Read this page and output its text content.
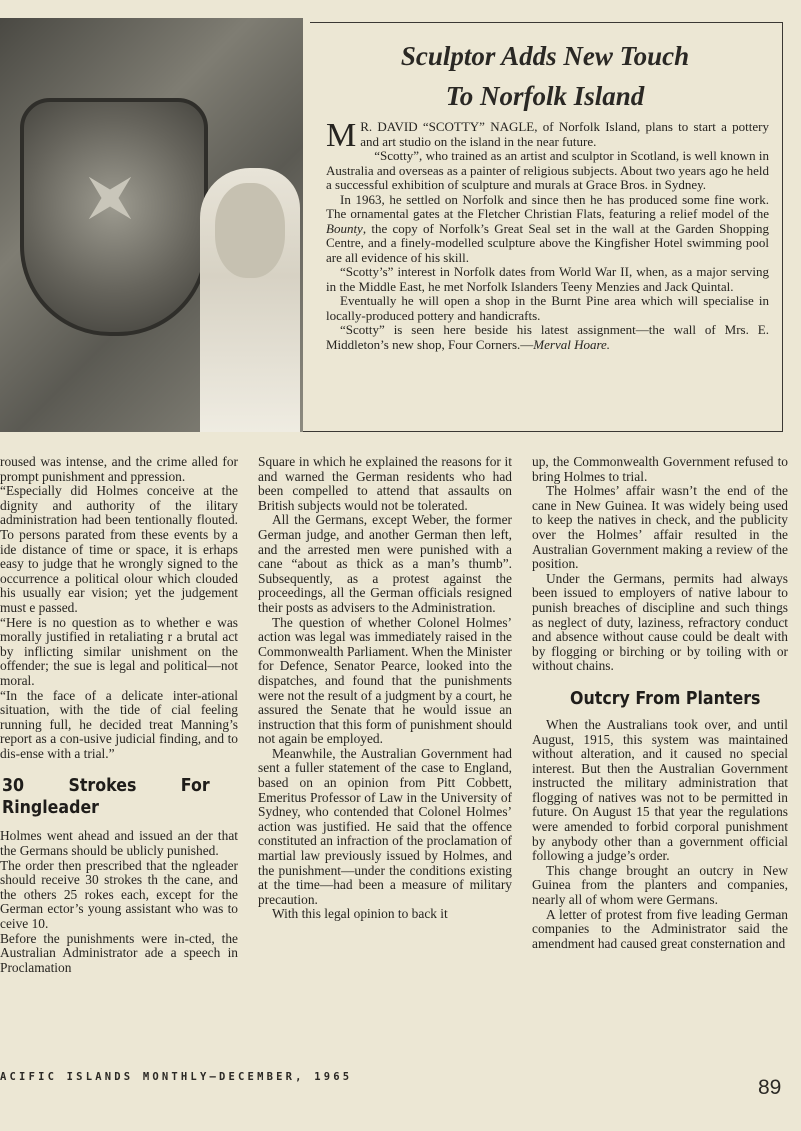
Sculptor Adds New Touch
To Norfolk Island

M R. DAVID “SCOTTY” NAGLE, of Norfolk Island, plans to start a pottery and art studio on the island in the near future.

“Scotty”, who trained as an artist and sculptor in Scotland, is well known in Australia and overseas as a painter of religious subjects. About two years ago he held a successful exhibition of sculpture and murals at Grace Bros. in Sydney.

In 1963, he settled on Norfolk and since then he has produced some fine work. The ornamental gates at the Fletcher Christian Flats, featuring a relief model of the Bounty, the copy of Norfolk’s Great Seal set in the wall at the Garden Shopping Centre, and a finely-modelled sculpture above the Kingfisher Hotel swimming pool are all evidence of his skill.

“Scotty’s” interest in Norfolk dates from World War II, when, as a major serving in the Middle East, he met Norfolk Islanders Teeny Menzies and Jack Quintal.

Eventually he will open a shop in the Burnt Pine area which will specialise in locally-produced pottery and handicrafts.

“Scotty” is seen here beside his latest assignment—the wall of Mrs. E. Middleton’s new shop, Four Corners.—Merval Hoare.

roused was intense, and the crime alled for prompt punishment and ppression.

“Especially did Holmes conceive at the dignity and authority of the ilitary administration had been tentionally flouted. To persons parated from these events by a ide distance of time or space, it is erhaps easy to judge that he wrongly signed to the occurrence a political olour which clouded his usually ear vision; yet the judgement must e passed.

“Here is no question as to whether e was morally justified in retaliating r a brutal act by inflicting similar unishment on the offender; the sue is legal and political—not moral.

“In the face of a delicate inter-ational situation, with the tide of cial feeling running full, he decided treat Manning’s report as a con-usive judicial finding, and to dis-ense with a trial.”

30 Strokes For Ringleader

Holmes went ahead and issued an der that the Germans should be ublicly punished.

The order then prescribed that the ngleader should receive 30 strokes th the cane, and the others 25 rokes each, except for the German ector’s young assistant who was to ceive 10.

Before the punishments were in-cted, the Australian Administrator ade a speech in Proclamation

Square in which he explained the reasons for it and warned the German residents who had been compelled to attend that assaults on British subjects would not be tolerated.

All the Germans, except Weber, the former German judge, and another German then left, and the arrested men were punished with a cane “about as thick as a man’s thumb”. Subsequently, as a protest against the proceedings, all the German officials resigned their posts as advisers to the Administration.

The question of whether Colonel Holmes’ action was legal was immediately raised in the Commonwealth Parliament. When the Minister for Defence, Senator Pearce, looked into the dispatches, and found that the punishments were not the result of a judgment by a court, he assured the Senate that he would issue an instruction that this form of punishment should not again be employed.

Meanwhile, the Australian Government had sent a fuller statement of the case to England, based on an opinion from Pitt Cobbett, Emeritus Professor of Law in the University of Sydney, who contended that Colonel Holmes’ action was justified. He said that the offence constituted an infraction of the proclamation of martial law previously issued by Holmes, and the punishment—under the conditions existing at the time—had been a measure of military precaution.

With this legal opinion to back it

up, the Commonwealth Government refused to bring Holmes to trial.

The Holmes’ affair wasn’t the end of the cane in New Guinea. It was widely being used to keep the natives in check, and the publicity over the Holmes’ affair resulted in the Australian Government making a review of the position.

Under the Germans, permits had always been issued to employers of native labour to punish breaches of discipline and such things as neglect of duty, laziness, refractory conduct and absence without cause could be dealt with by flogging or birching or by toiling with or without chains.

Outcry From Planters

When the Australians took over, and until August, 1915, this system was maintained without alteration, and it caused no special interest. But then the Australian Government instructed the military administration that flogging of natives was not to be permitted in future. On August 15 that year the regulations were amended to forbid corporal punishment by anybody other than a government official following a judge’s order.

This change brought an outcry in New Guinea from the planters and companies, nearly all of whom were Germans.

A letter of protest from five leading German companies to the Administrator said the amendment had caused great consternation and

ACIFIC ISLANDS MONTHLY—DECEMBER, 1965	89
